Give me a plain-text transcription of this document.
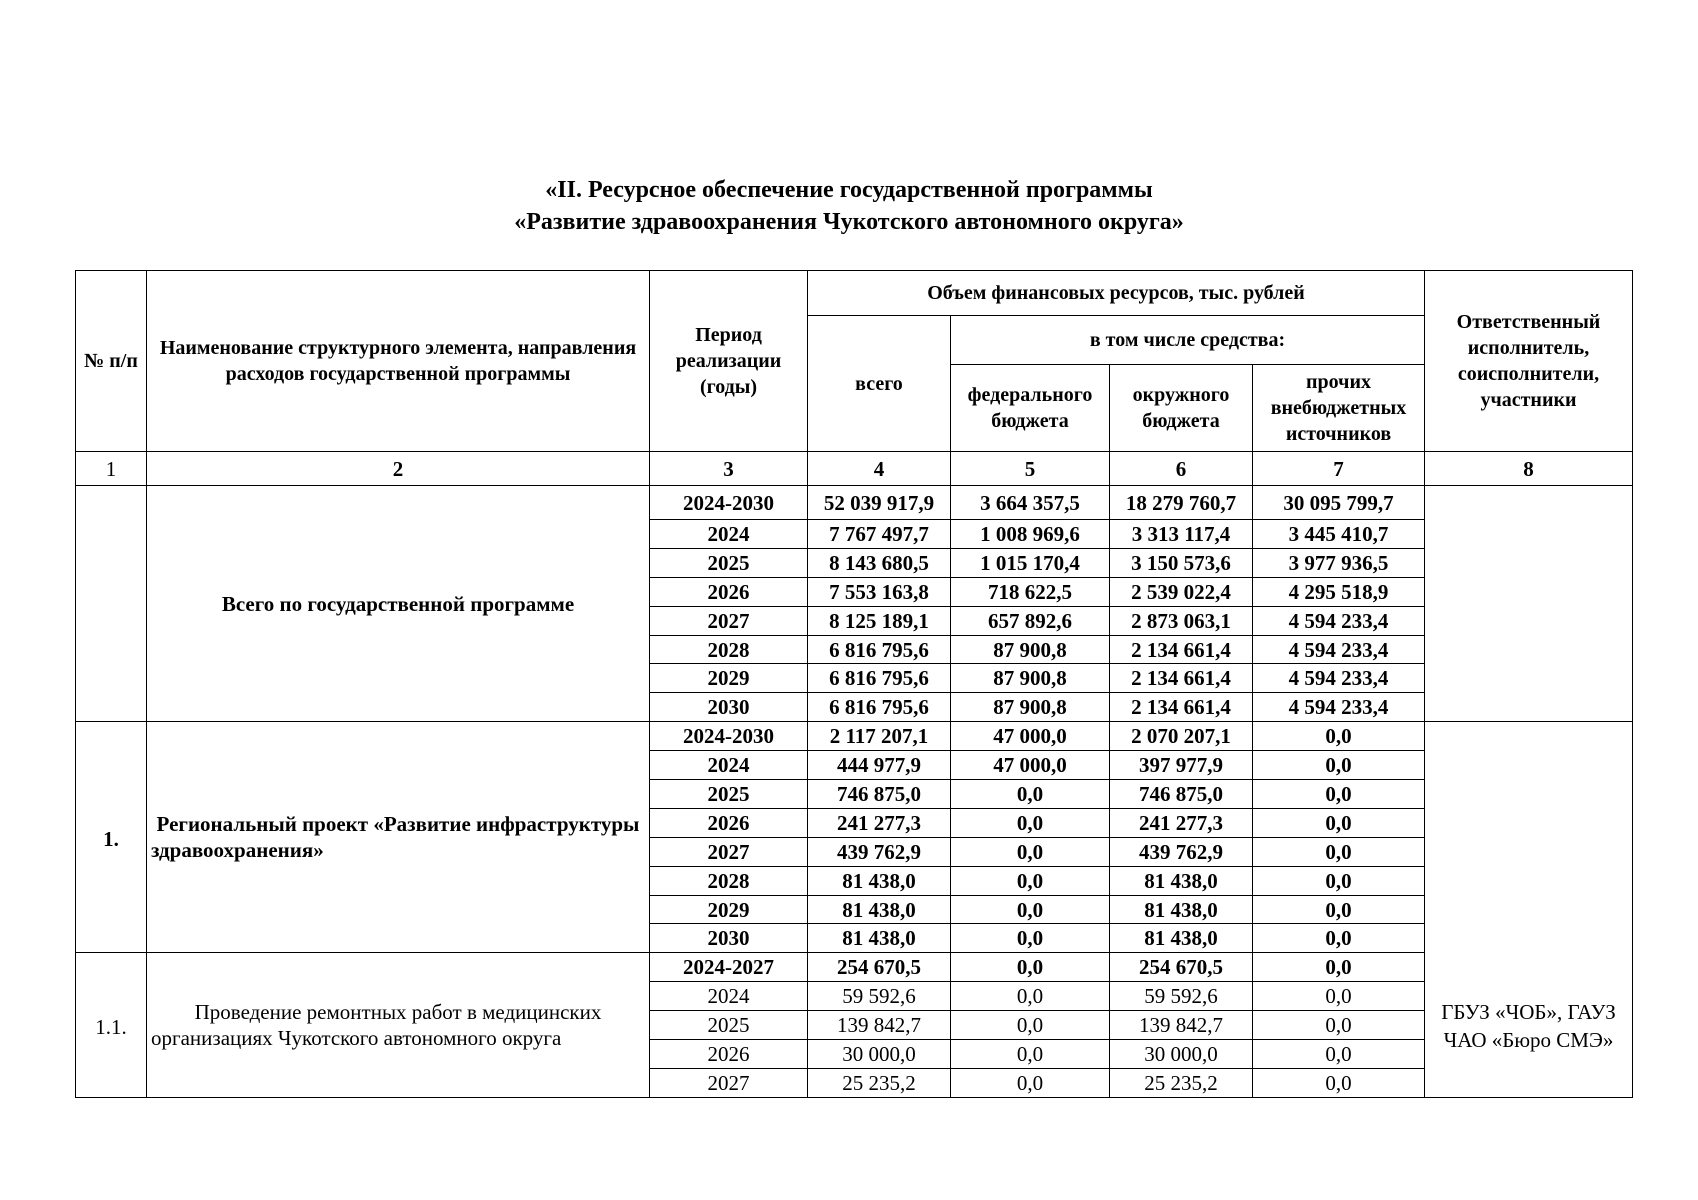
«II. Ресурсное обеспечение государственной программы
«Развитие здравоохранения Чукотского автономного округа»
№ п/п	Наименование структурного элемента, направления расходов государственной программы	Период реализации (годы)	Объем финансовых ресурсов, тыс. рублей				Ответственный исполнитель, соисполнители, участники
			всего	в том числе средства:			
				федерального бюджета	окружного бюджета	прочих внебюджетных источников	
1	2	3	4	5	6	7	8
	Всего по государственной программе	2024-2030	52 039 917,9	3 664 357,5	18 279 760,7	30 095 799,7	
		2024	7 767 497,7	1 008 969,6	3 313 117,4	3 445 410,7	
		2025	8 143 680,5	1 015 170,4	3 150 573,6	3 977 936,5	
		2026	7 553 163,8	718 622,5	2 539 022,4	4 295 518,9	
		2027	8 125 189,1	657 892,6	2 873 063,1	4 594 233,4	
		2028	6 816 795,6	87 900,8	2 134 661,4	4 594 233,4	
		2029	6 816 795,6	87 900,8	2 134 661,4	4 594 233,4	
		2030	6 816 795,6	87 900,8	2 134 661,4	4 594 233,4	
1.	Региональный проект «Развитие инфраструктуры здравоохранения»	2024-2030	2 117 207,1	47 000,0	2 070 207,1	0,0	
		2024	444 977,9	47 000,0	397 977,9	0,0	
		2025	746 875,0	0,0	746 875,0	0,0	
		2026	241 277,3	0,0	241 277,3	0,0	
		2027	439 762,9	0,0	439 762,9	0,0	
		2028	81 438,0	0,0	81 438,0	0,0	
		2029	81 438,0	0,0	81 438,0	0,0	
		2030	81 438,0	0,0	81 438,0	0,0	
1.1.	Проведение ремонтных работ в медицинских организациях Чукотского автономного округа	2024-2027	254 670,5	0,0	254 670,5	0,0	ГБУЗ «ЧОБ», ГАУЗ ЧАО «Бюро СМЭ»
		2024	59 592,6	0,0	59 592,6	0,0	
		2025	139 842,7	0,0	139 842,7	0,0	
		2026	30 000,0	0,0	30 000,0	0,0	
		2027	25 235,2	0,0	25 235,2	0,0	
